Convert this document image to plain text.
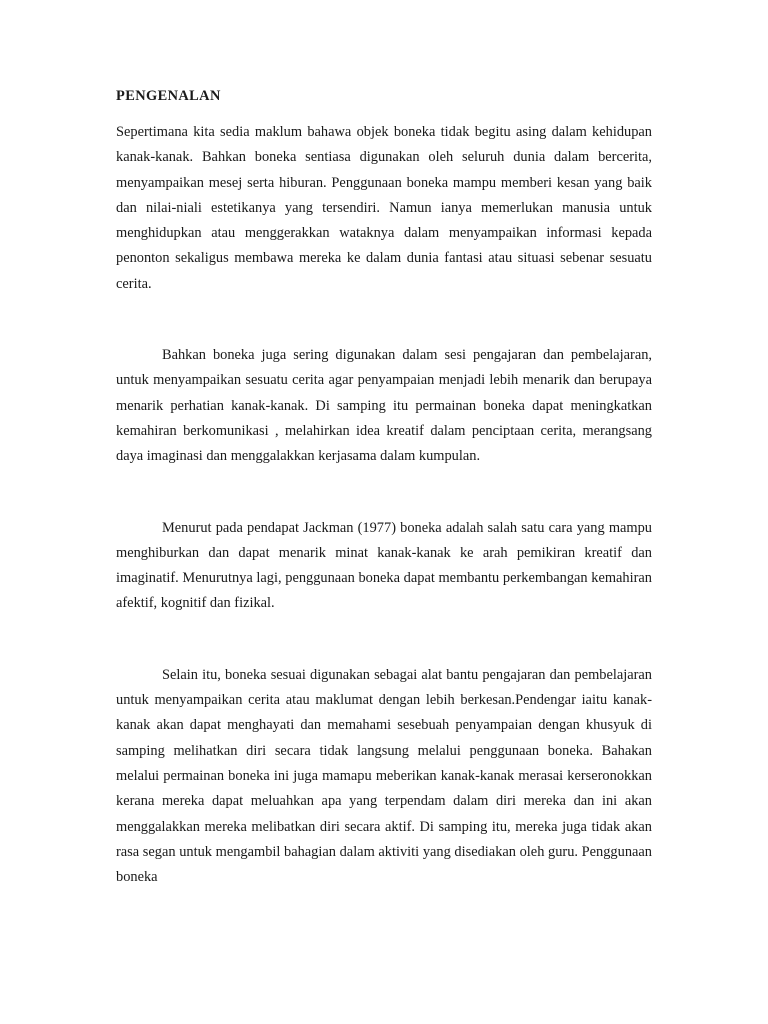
PENGENALAN

Sepertimana kita sedia maklum bahawa objek boneka tidak begitu asing dalam kehidupan kanak-kanak. Bahkan boneka sentiasa digunakan oleh seluruh dunia dalam bercerita, menyampaikan mesej serta hiburan. Penggunaan boneka mampu memberi kesan yang baik dan nilai-niali estetikanya yang tersendiri. Namun ianya memerlukan manusia untuk menghidupkan atau menggerakkan wataknya dalam menyampaikan informasi kepada penonton sekaligus membawa mereka ke dalam dunia fantasi atau situasi sebenar sesuatu cerita.

Bahkan boneka juga sering digunakan dalam sesi pengajaran dan pembelajaran, untuk menyampaikan sesuatu cerita agar penyampaian menjadi lebih menarik dan berupaya menarik perhatian kanak-kanak. Di samping itu permainan boneka dapat meningkatkan kemahiran berkomunikasi , melahirkan idea kreatif dalam penciptaan cerita, merangsang daya imaginasi dan menggalakkan kerjasama dalam kumpulan.

Menurut pada pendapat Jackman (1977) boneka adalah salah satu cara yang mampu menghiburkan dan dapat menarik minat kanak-kanak ke arah pemikiran kreatif dan imaginatif. Menurutnya lagi, penggunaan boneka dapat membantu perkembangan kemahiran afektif, kognitif dan fizikal.

Selain itu, boneka sesuai digunakan sebagai alat bantu pengajaran dan pembelajaran untuk menyampaikan cerita atau maklumat dengan lebih berkesan.Pendengar iaitu kanak-kanak akan dapat menghayati dan memahami sesebuah penyampaian dengan khusyuk di samping melihatkan diri secara tidak langsung melalui penggunaan boneka. Bahakan melalui permainan boneka ini juga mamapu meberikan kanak-kanak merasai kerseronokkan kerana mereka dapat meluahkan apa yang terpendam dalam diri mereka dan ini akan menggalakkan mereka melibatkan diri secara aktif. Di samping itu, mereka juga tidak akan rasa segan untuk mengambil bahagian dalam aktiviti yang disediakan oleh guru. Penggunaan boneka
